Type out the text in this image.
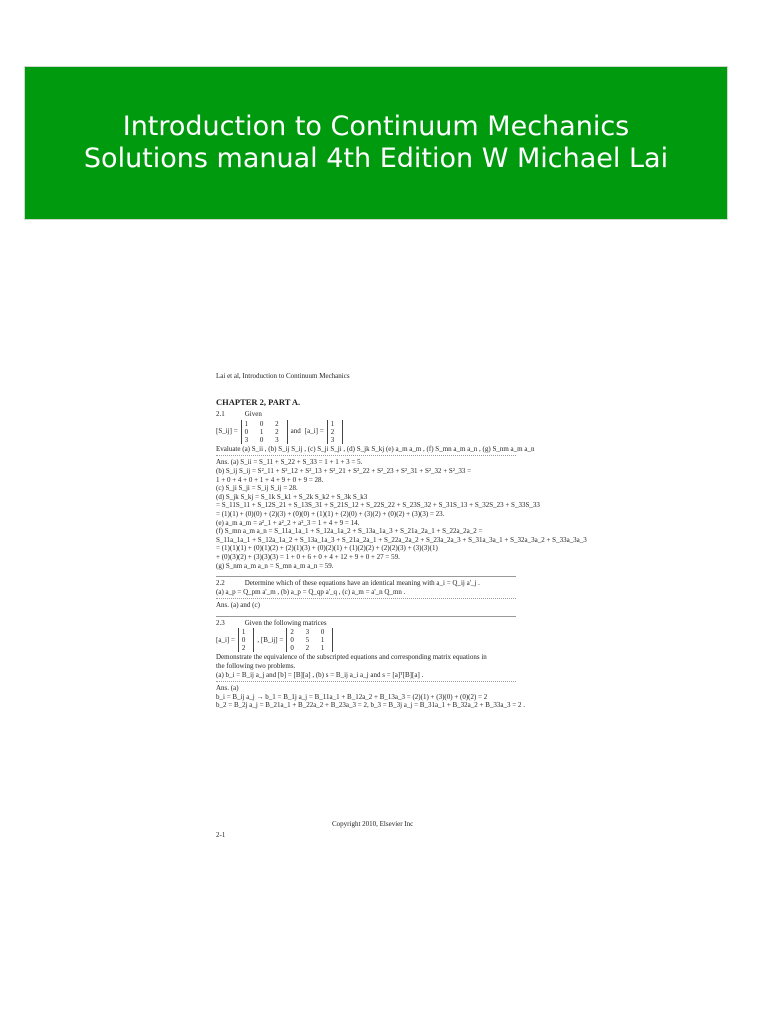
Introduction to Continuum Mechanics Solutions manual 4th Edition W Michael Lai
Lai et al, Introduction to Continuum Mechanics
CHAPTER 2, PART A.
2.1	Given
[S_ij] =
1 0 2
0 1 2
3 0 3
and [a_i] =
1
2
3
Evaluate (a) S_ii , (b) S_ij S_ij , (c) S_ji S_ji , (d) S_jk S_kj (e) a_m a_m , (f) S_mn a_m a_n , (g) S_nm a_m a_n
Ans. (a) S_ii = S_11 + S_22 + S_33 = 1 + 1 + 3 = 5.
(b) S_ij S_ij = S²_11 + S²_12 + S²_13 + S²_21 + S²_22 + S²_23 + S²_31 + S²_32 + S²_33 =
1 + 0 + 4 + 0 + 1 + 4 + 9 + 0 + 9 = 28.
(c) S_ji S_ji = S_ij S_ij = 28.
(d) S_jk S_kj = S_1k S_k1 + S_2k S_k2 + S_3k S_k3
= S_11S_11 + S_12S_21 + S_13S_31 + S_21S_12 + S_22S_22 + S_23S_32 + S_31S_13 + S_32S_23 + S_33S_33
= (1)(1) + (0)(0) + (2)(3) + (0)(0) + (1)(1) + (2)(0) + (3)(2) + (0)(2) + (3)(3) = 23.
(e) a_m a_m = a²_1 + a²_2 + a²_3 = 1 + 4 + 9 = 14.
(f) S_mn a_m a_n = S_11a_1a_1 + S_12a_1a_2 + S_13a_1a_3 + S_21a_2a_1 + S_22a_2a_2 =
S_11a_1a_1 + S_12a_1a_2 + S_13a_1a_3 + S_21a_2a_1 + S_22a_2a_2 + S_23a_2a_3 + S_31a_3a_1 + S_32a_3a_2 + S_33a_3a_3
= (1)(1)(1) + (0)(1)(2) + (2)(1)(3) + (0)(2)(1) + (1)(2)(2) + (2)(2)(3) + (3)(3)(1)
+ (0)(3)(2) + (3)(3)(3) = 1 + 0 + 6 + 0 + 4 + 12 + 9 + 0 + 27 = 59.
(g) S_nm a_m a_n = S_mn a_m a_n = 59.
2.2	Determine which of these equations have an identical meaning with a_i = Q_ij a'_j .
(a) a_p = Q_pm a'_m , (b) a_p = Q_qp a'_q , (c) a_m = a'_n Q_mn .
Ans. (a) and (c)
2.3	Given the following matrices
[a_i] =
1
0
2
, [B_ij] =
2 3 0
0 5 1
0 2 1
Demonstrate the equivalence of the subscripted equations and corresponding matrix equations in
the following two problems.
(a) b_i = B_ij a_j and [b] = [B][a] , (b) s = B_ij a_i a_j and s = [a]ᵀ[B][a] .
Ans. (a)
b_i = B_ij a_j → b_1 = B_1j a_j = B_11a_1 + B_12a_2 + B_13a_3 = (2)(1) + (3)(0) + (0)(2) = 2
b_2 = B_2j a_j = B_21a_1 + B_22a_2 + B_23a_3 = 2, b_3 = B_3j a_j = B_31a_1 + B_32a_2 + B_33a_3 = 2 .
Copyright 2010, Elsevier Inc
2-1
